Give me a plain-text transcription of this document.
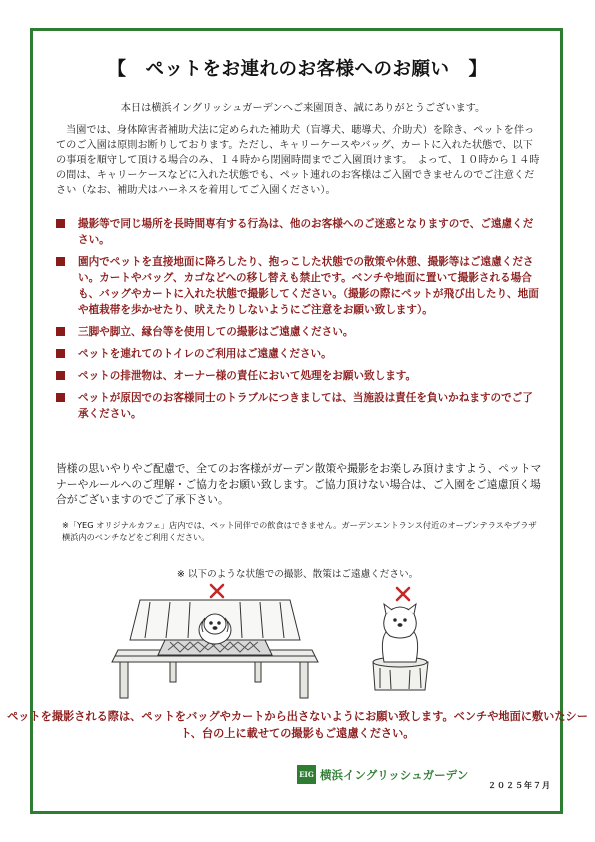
【　ペットをお連れのお客様へのお願い　】
本日は横浜イングリッシュガーデンへご来園頂き、誠にありがとうございます。
当園では、身体障害者補助犬法に定められた補助犬（盲導犬、聴導犬、介助犬）を除き、ペットを伴ってのご入園は原則お断りしております。ただし、キャリーケースやバッグ、カートに入れた状態で、以下の事項を順守して頂ける場合のみ、１４時から閉園時間までご入園頂けます。　よって、１０時から１４時の間は、キャリーケースなどに入れた状態でも、ペット連れのお客様はご入園できませんのでご注意ください（なお、補助犬はハーネスを着用してご入園ください）。
撮影等で同じ場所を長時間専有する行為は、他のお客様へのご迷惑となりますので、ご遠慮ください。
園内でペットを直接地面に降ろしたり、抱っこした状態での散策や休憩、撮影等はご遠慮ください。カートやバッグ、カゴなどへの移し替えも禁止です。ベンチや地面に置いて撮影される場合も、バッグやカートに入れた状態で撮影してください。（撮影の際にペットが飛び出したり、地面や植栽帯を歩かせたり、吠えたりしないようにご注意をお願い致します）。
三脚や脚立、縁台等を使用しての撮影はご遠慮ください。
ペットを連れてのトイレのご利用はご遠慮ください。
ペットの排泄物は、オーナー様の責任において処理をお願い致します。
ペットが原因でのお客様同士のトラブルにつきましては、当施設は責任を負いかねますのでご了承ください。
皆様の思いやりやご配慮で、全てのお客様がガーデン散策や撮影をお楽しみ頂けますよう、ペットマナーやルールへのご理解・ご協力をお願い致します。ご協力頂けない場合は、ご入園をご遠慮頂く場合がございますのでご了承下さい。
※「YEG オリジナルカフェ」店内では、ペット同伴での飲食はできません。ガーデンエントランス付近のオープンテラスやプラザ横浜内のベンチなどをご利用ください。
※ 以下のような状態での撮影、散策はご遠慮ください。
ペットを撮影される際は、ペットをバッグやカートから出さないようにお願い致します。ベンチや地面に敷いたシート、台の上に載せての撮影もご遠慮ください。
EIG 横浜イングリッシュガーデン
２０２５年７月
